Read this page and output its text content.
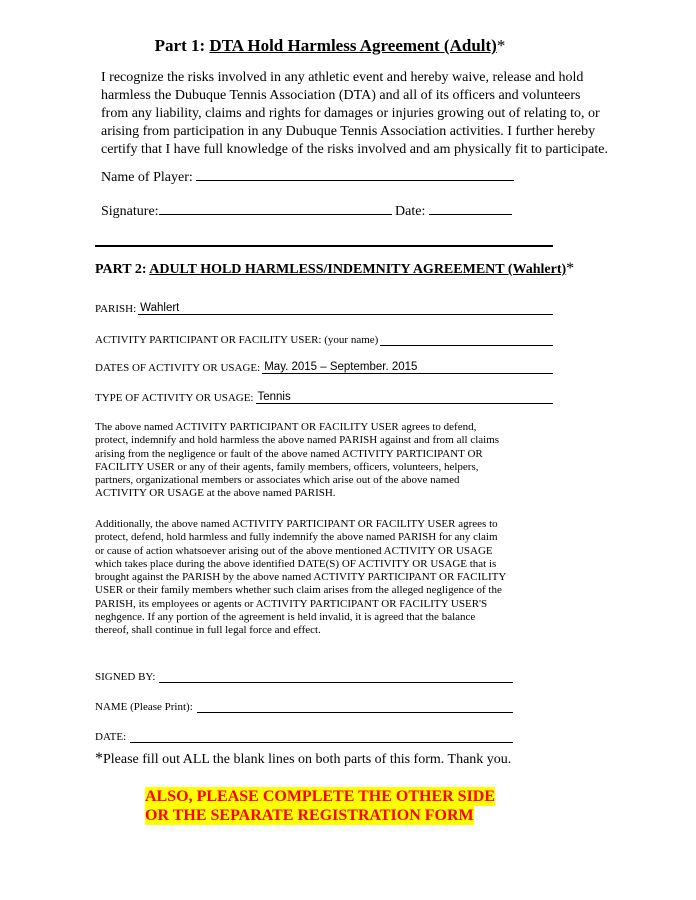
Part 1: DTA Hold Harmless Agreement (Adult)*
I recognize the risks involved in any athletic event and hereby waive, release and hold harmless the Dubuque Tennis Association (DTA) and all of its officers and volunteers from any liability, claims and rights for damages or injuries growing out of relating to, or arising from participation in any Dubuque Tennis Association activities. I further hereby certify that I have full knowledge of the risks involved and am physically fit to participate.
Name of Player:
Signature:	Date:
PART 2: ADULT HOLD HARMLESS/INDEMNITY AGREEMENT (Wahlert)*
PARISH: Wahlert
ACTIVITY PARTICIPANT OR FACILITY USER: (your name)
DATES OF ACTIVITY OR USAGE: May. 2015 – September. 2015
TYPE OF ACTIVITY OR USAGE: Tennis
The above named ACTIVITY PARTICIPANT OR FACILITY USER agrees to defend, protect, indemnify and hold harmless the above named PARISH against and from all claims arising from the negligence or fault of the above named ACTIVITY PARTICIPANT OR FACILITY USER or any of their agents, family members, officers, volunteers, helpers, partners, organizational members or associates which arise out of the above named ACTIVITY OR USAGE at the above named PARISH.
Additionally, the above named ACTIVITY PARTICIPANT OR FACILITY USER agrees to protect, defend, hold harmless and fully indemnify the above named PARISH for any claim or cause of action whatsoever arising out of the above mentioned ACTIVITY OR USAGE which takes place during the above identified DATE(S) OF ACTIVITY OR USAGE that is brought against the PARISH by the above named ACTIVITY PARTICIPANT OR FACILITY USER or their family members whether such claim arises from the alleged negligence of the PARISH, its employees or agents or ACTIVITY PARTICIPANT OR FACILITY USER'S neghgence. If any portion of the agreement is held invalid, it is agreed that the balance thereof, shall continue in full legal force and effect.
SIGNED BY:
NAME (Please Print):
DATE:
*Please fill out ALL the blank lines on both parts of this form. Thank you.
ALSO, PLEASE COMPLETE THE OTHER SIDE
OR THE SEPARATE REGISTRATION FORM
